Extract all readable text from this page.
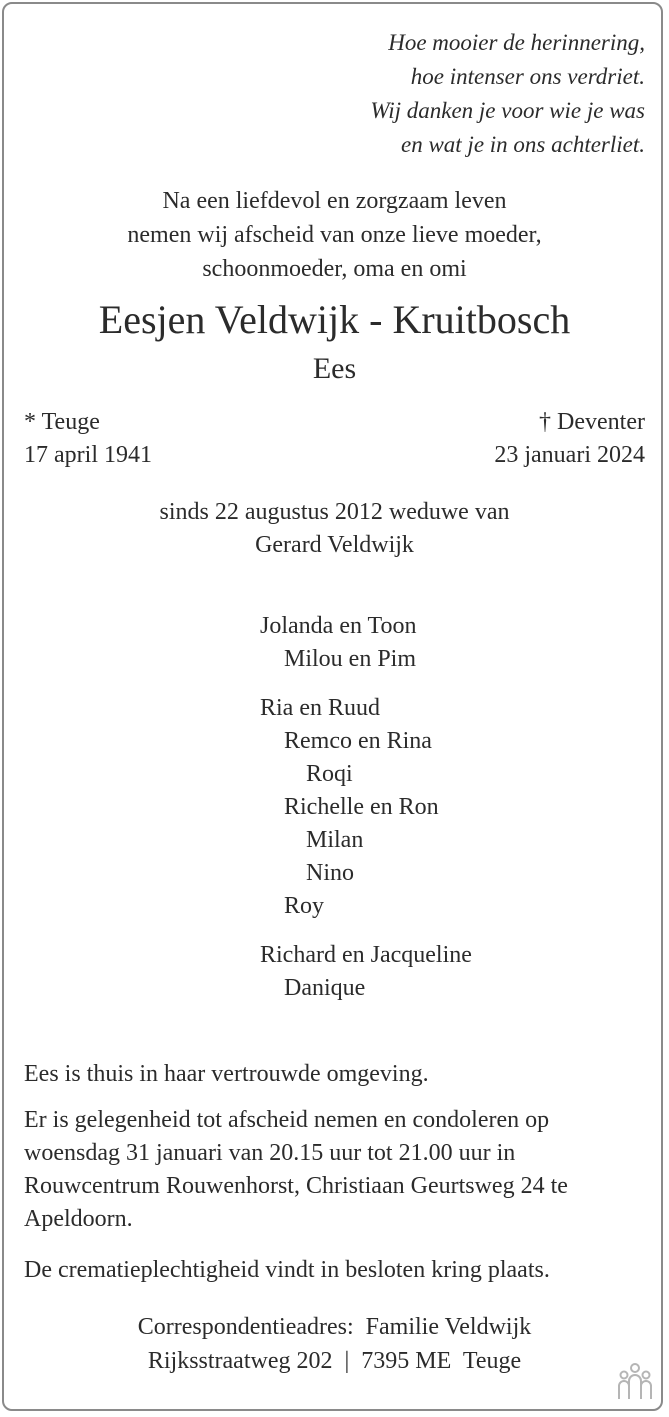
Hoe mooier de herinnering,
hoe intenser ons verdriet.
Wij danken je voor wie je was
en wat je in ons achterliet.
Na een liefdevol en zorgzaam leven
nemen wij afscheid van onze lieve moeder,
schoonmoeder, oma en omi
Eesjen Veldwijk - Kruitbosch
Ees
* Teuge
17 april 1941
† Deventer
23 januari 2024
sinds 22 augustus 2012 weduwe van
Gerard Veldwijk
Jolanda en Toon
Milou en Pim
Ria en Ruud
Remco en Rina
Roqi
Richelle en Ron
Milan
Nino
Roy
Richard en Jacqueline
Danique
Ees is thuis in haar vertrouwde omgeving.
Er is gelegenheid tot afscheid nemen en condoleren op woensdag 31 januari van 20.15 uur tot 21.00 uur in Rouwcentrum Rouwenhorst, Christiaan Geurtsweg 24 te Apeldoorn.
De crematieplechtigheid vindt in besloten kring plaats.
Correspondentieadres:  Familie Veldwijk
Rijksstraatweg 202  |  7395 ME  Teuge
